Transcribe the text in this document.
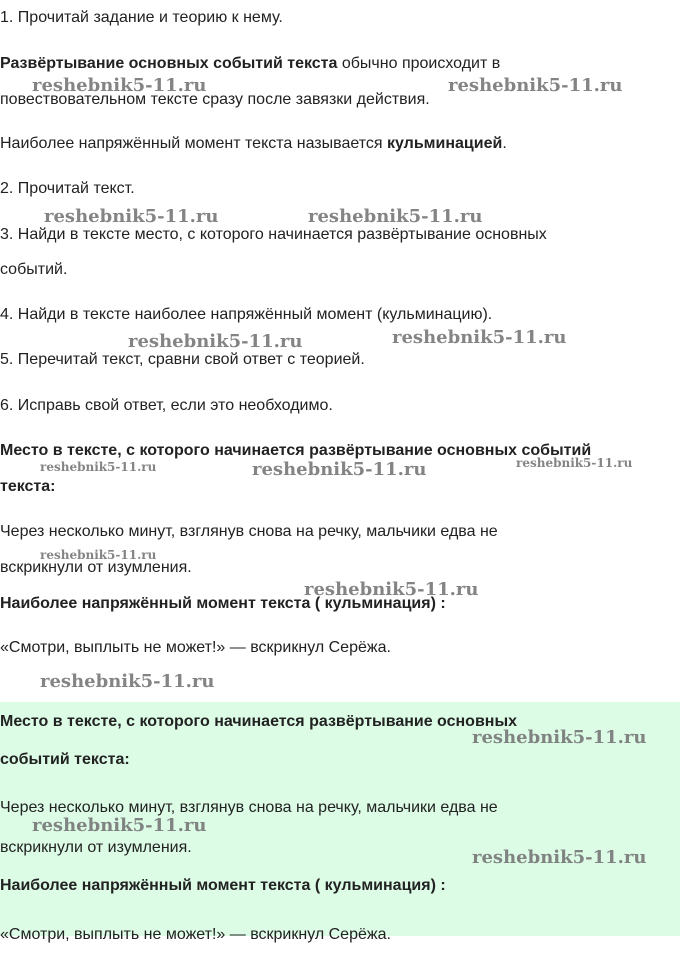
1. Прочитай задание и теорию к нему.
Развёртывание основных событий текста обычно происходит в
повествовательном тексте сразу после завязки действия.
Наиболее напряжённый момент текста называется кульминацией.
2. Прочитай текст.
3. Найди в тексте место, с которого начинается развёртывание основных
событий.
4. Найди в тексте наиболее напряжённый момент (кульминацию).
5. Перечитай текст, сравни свой ответ с теорией.
6. Исправь свой ответ, если это необходимо.
Место в тексте, с которого начинается развёртывание основных событий
текста:
Через несколько минут, взглянув снова на речку, мальчики едва не
вскрикнули от изумления.
Наиболее напряжённый момент текста ( кульминация) :
«Смотри, выплыть не может!» — вскрикнул Серёжа.
Место в тексте, с которого начинается развёртывание основных
событий текста:
Через несколько минут, взглянув снова на речку, мальчики едва не
вскрикнули от изумления.
Наиболее напряжённый момент текста ( кульминация) :
«Смотри, выплыть не может!» — вскрикнул Серёжа.
reshebnik5-11.ru	reshebnik5-11.ru
reshebnik5-11.ru	reshebnik5-11.ru
reshebnik5-11.ru	reshebnik5-11.ru
reshebnik5-11.ru	reshebnik5-11.ru	reshebnik5-11.ru
reshebnik5-11.ru
reshebnik5-11.ru
reshebnik5-11.ru
reshebnik5-11.ru
reshebnik5-11.ru
reshebnik5-11.ru
